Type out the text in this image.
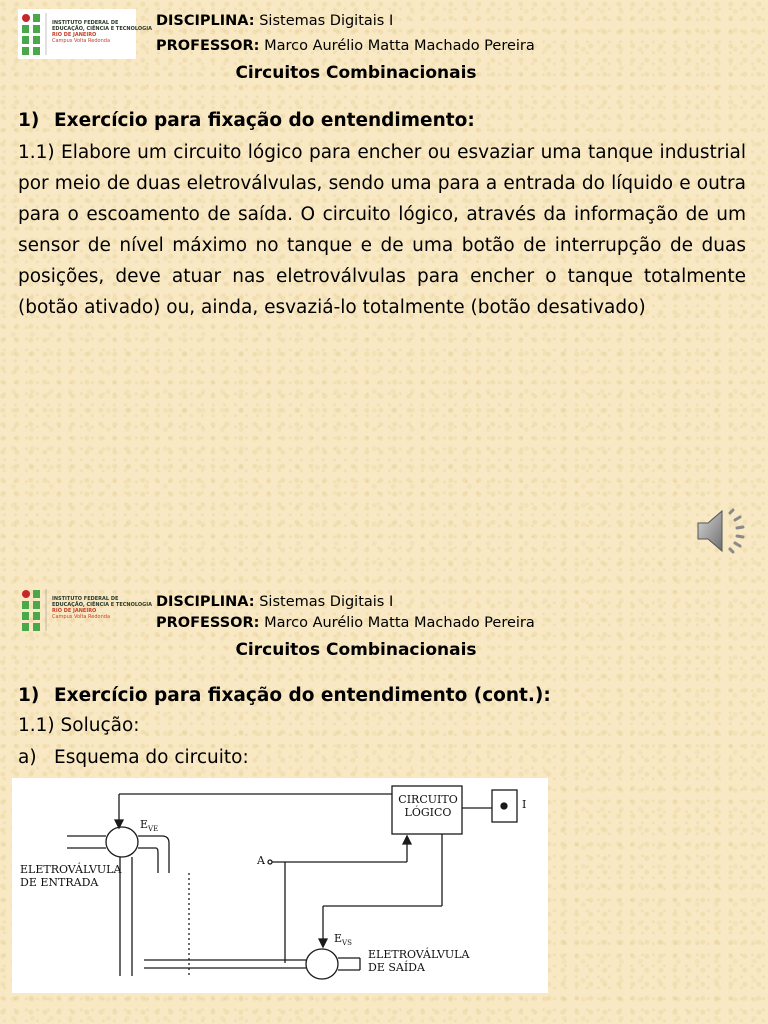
INSTITUTO FEDERAL DE
EDUCAÇÃO, CIÊNCIA E TECNOLOGIA
RIO DE JANEIRO
Campus Volta Redonda
DISCIPLINA: Sistemas Digitais I
PROFESSOR: Marco Aurélio Matta Machado Pereira
Circuitos Combinacionais
1) Exercício para fixação do entendimento:
1.1) Elabore um circuito lógico para encher ou esvaziar uma tanque industrial por meio de duas eletroválvulas, sendo uma para a entrada do líquido e outra para o escoamento de saída. O circuito lógico, através da informação de um sensor de nível máximo no tanque e de uma botão de interrupção de duas posições, deve atuar nas eletroválvulas para encher o tanque totalmente (botão ativado) ou, ainda, esvaziá-lo totalmente (botão desativado)
INSTITUTO FEDERAL DE
EDUCAÇÃO, CIÊNCIA E TECNOLOGIA
RIO DE JANEIRO
Campus Volta Redonda
DISCIPLINA: Sistemas Digitais I
PROFESSOR: Marco Aurélio Matta Machado Pereira
Circuitos Combinacionais
1) Exercício para fixação do entendimento (cont.):
1.1) Solução:
a) Esquema do circuito:
CIRCUITO
LÓGICO
I
A
$E_{VE}$
$E_{VS}$
ELETROVÁLVULA
DE ENTRADA
ELETROVÁLVULA
DE SAÍDA
